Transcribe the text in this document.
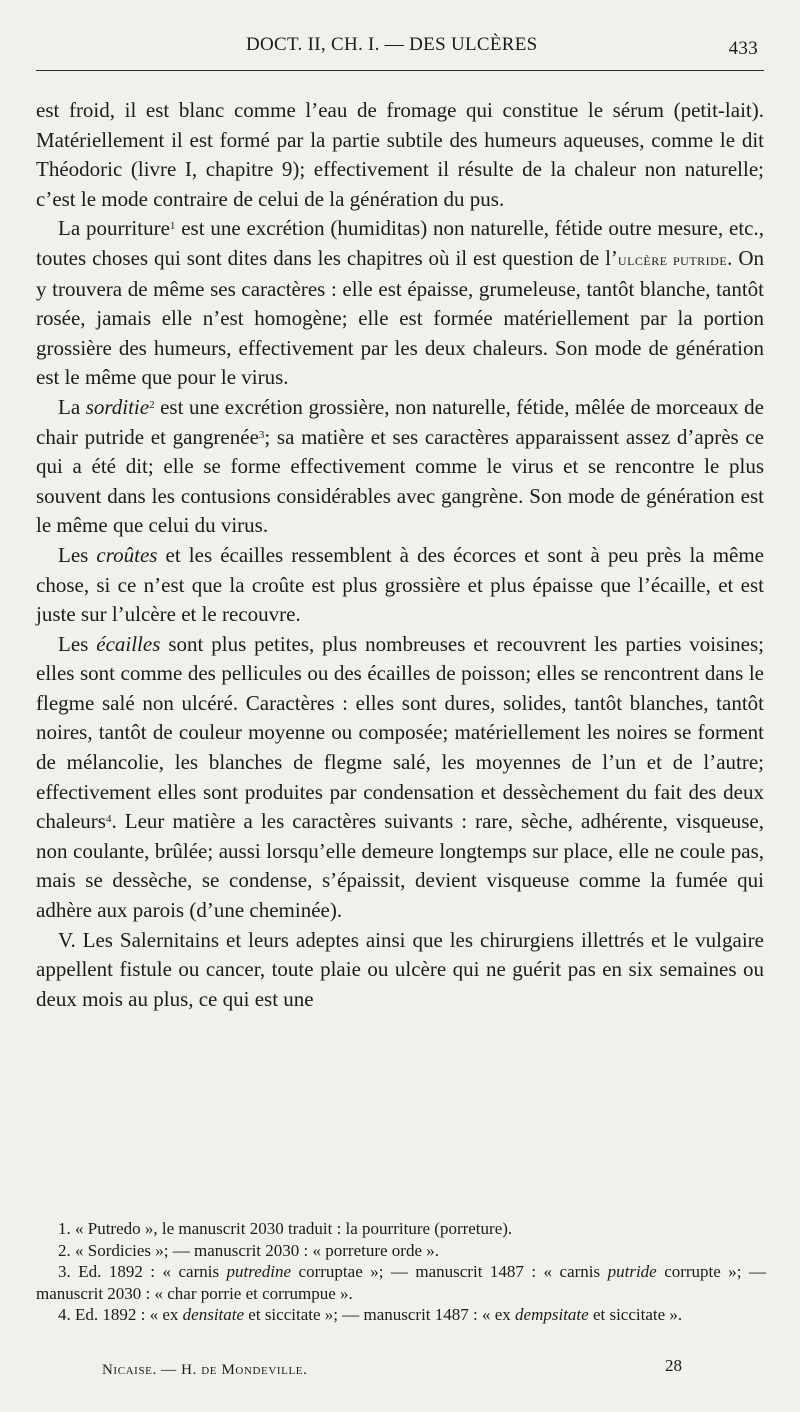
DOCT. II, CH. I. — DES ULCÈRES	433

est froid, il est blanc comme l’eau de fromage qui constitue le sérum (petit-lait). Matériellement il est formé par la partie subtile des humeurs aqueuses, comme le dit Théodoric (livre I, chapitre 9); effectivement il résulte de la chaleur non naturelle; c’est le mode contraire de celui de la génération du pus.

La pourriture$^1$ est une excrétion (humiditas) non naturelle, fétide outre mesure, etc., toutes choses qui sont dites dans les chapitres où il est question de l’ulcère putride. On y trouvera de même ses caractères : elle est épaisse, grumeleuse, tantôt blanche, tantôt rosée, jamais elle n’est homogène; elle est formée matériellement par la portion grossière des humeurs, effectivement par les deux chaleurs. Son mode de génération est le même que pour le virus.

La sorditie$^2$ est une excrétion grossière, non naturelle, fétide, mêlée de morceaux de chair putride et gangrenée$^3$; sa matière et ses caractères apparaissent assez d’après ce qui a été dit; elle se forme effectivement comme le virus et se rencontre le plus souvent dans les contusions considérables avec gangrène. Son mode de génération est le même que celui du virus.

Les croûtes et les écailles ressemblent à des écorces et sont à peu près la même chose, si ce n’est que la croûte est plus grossière et plus épaisse que l’écaille, et est juste sur l’ulcère et le recouvre.

Les écailles sont plus petites, plus nombreuses et recouvrent les parties voisines; elles sont comme des pellicules ou des écailles de poisson; elles se rencontrent dans le flegme salé non ulcéré. Caractères : elles sont dures, solides, tantôt blanches, tantôt noires, tantôt de couleur moyenne ou composée; matériellement les noires se forment de mélancolie, les blanches de flegme salé, les moyennes de l’un et de l’autre; effectivement elles sont produites par condensation et dessèchement du fait des deux chaleurs$^4$. Leur matière a les caractères suivants : rare, sèche, adhérente, visqueuse, non coulante, brûlée; aussi lorsqu’elle demeure longtemps sur place, elle ne coule pas, mais se dessèche, se condense, s’épaissit, devient visqueuse comme la fumée qui adhère aux parois (d’une cheminée).

V. Les Salernitains et leurs adeptes ainsi que les chirurgiens illettrés et le vulgaire appellent fistule ou cancer, toute plaie ou ulcère qui ne guérit pas en six semaines ou deux mois au plus, ce qui est une

1. « Putredo », le manuscrit 2030 traduit : la pourriture (porreture).

2. « Sordicies »; — manuscrit 2030 : « porreture orde ».

3. Ed. 1892 : « carnis putredine corruptae »; — manuscrit 1487 : « carnis putride corrupte »; — manuscrit 2030 : « char porrie et corrumpue ».

4. Ed. 1892 : « ex densitate et siccitate »; — manuscrit 1487 : « ex dempsitate et siccitate ».

Nicaise. — H. de Mondeville.	28
